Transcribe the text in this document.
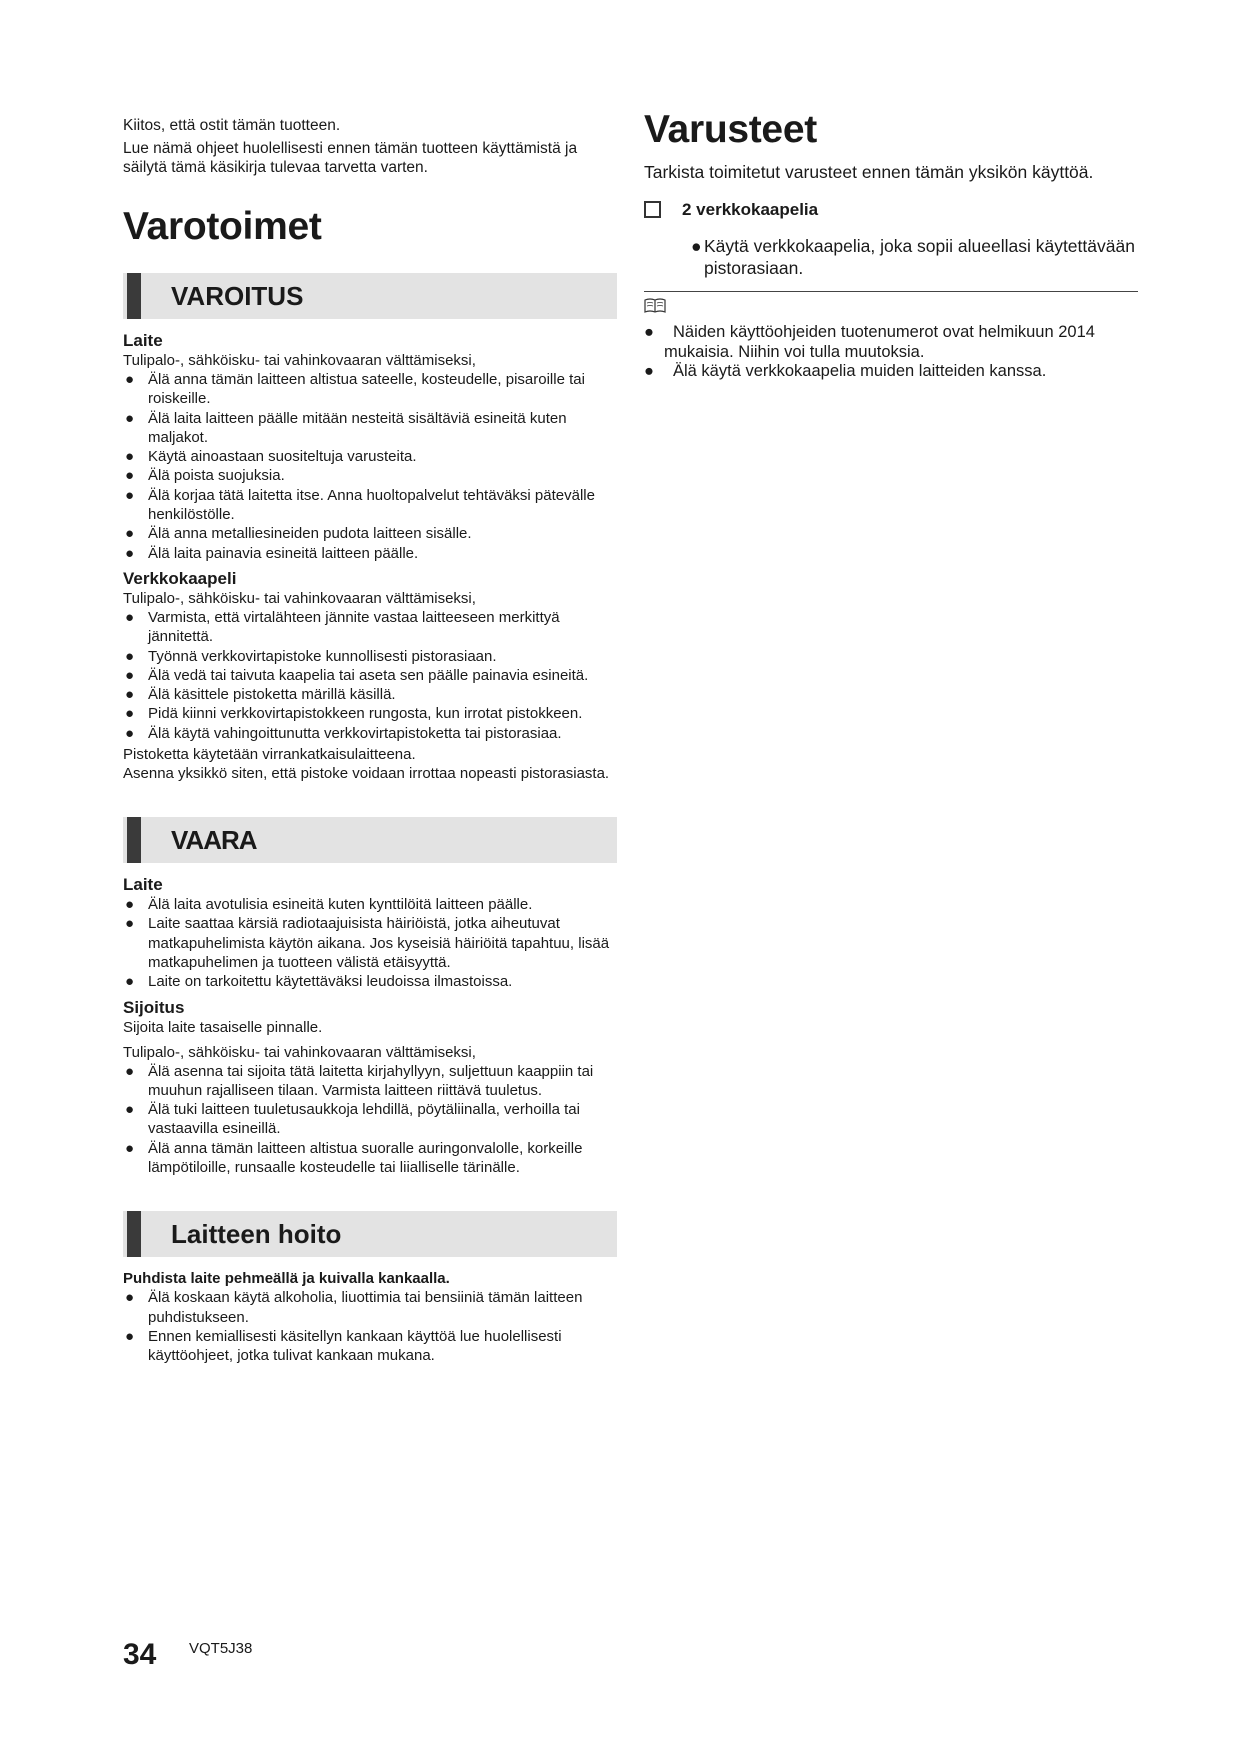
Kiitos, että ostit tämän tuotteen.

Lue nämä ohjeet huolellisesti ennen tämän tuotteen käyttämistä ja säilytä tämä käsikirja tulevaa tarvetta varten.

Varotoimet
VAROITUS
Laite
Tulipalo-, sähköisku- tai vahinkovaaran välttämiseksi,
● Älä anna tämän laitteen altistua sateelle, kosteudelle, pisaroille tai roiskeille.
● Älä laita laitteen päälle mitään nesteitä sisältäviä esineitä kuten maljakot.
● Käytä ainoastaan suositeltuja varusteita.
● Älä poista suojuksia.
● Älä korjaa tätä laitetta itse. Anna huoltopalvelut tehtäväksi pätevälle henkilöstölle.
● Älä anna metalliesineiden pudota laitteen sisälle.
● Älä laita painavia esineitä laitteen päälle.
Verkkokaapeli
Tulipalo-, sähköisku- tai vahinkovaaran välttämiseksi,
● Varmista, että virtalähteen jännite vastaa laitteeseen merkittyä jännitettä.
● Työnnä verkkovirtapistoke kunnollisesti pistorasiaan.
● Älä vedä tai taivuta kaapelia tai aseta sen päälle painavia esineitä.
● Älä käsittele pistoketta märillä käsillä.
● Pidä kiinni verkkovirtapistokkeen rungosta, kun irrotat pistokkeen.
● Älä käytä vahingoittunutta verkkovirtapistoketta tai pistorasiaa.
Pistoketta käytetään virrankatkaisulaitteena.
Asenna yksikkö siten, että pistoke voidaan irrottaa nopeasti pistorasiasta.
VAARA
Laite
● Älä laita avotulisia esineitä kuten kynttilöitä laitteen päälle.
● Laite saattaa kärsiä radiotaajuisista häiriöistä, jotka aiheutuvat matkapuhelimista käytön aikana. Jos kyseisiä häiriöitä tapahtuu, lisää matkapuhelimen ja tuotteen välistä etäisyyttä.
● Laite on tarkoitettu käytettäväksi leudoissa ilmastoissa.
Sijoitus
Sijoita laite tasaiselle pinnalle.
Tulipalo-, sähköisku- tai vahinkovaaran välttämiseksi,
● Älä asenna tai sijoita tätä laitetta kirjahyllyyn, suljettuun kaappiin tai muuhun rajalliseen tilaan. Varmista laitteen riittävä tuuletus.
● Älä tuki laitteen tuuletusaukkoja lehdillä, pöytäliinalla, verhoilla tai vastaavilla esineillä.
● Älä anna tämän laitteen altistua suoralle auringonvalolle, korkeille lämpötiloille, runsaalle kosteudelle tai liialliselle tärinälle.
Laitteen hoito
Puhdista laite pehmeällä ja kuivalla kankaalla.
● Älä koskaan käytä alkoholia, liuottimia tai bensiiniä tämän laitteen puhdistukseen.
● Ennen kemiallisesti käsitellyn kankaan käyttöä lue huolellisesti käyttöohjeet, jotka tulivat kankaan mukana.
Varusteet

Tarkista toimitetut varusteet ennen tämän yksikön käyttöä.

2 verkkokaapelia
● Käytä verkkokaapelia, joka sopii alueellasi käytettävään pistorasiaan.
● Näiden käyttöohjeiden tuotenumerot ovat helmikuun 2014 mukaisia. Niihin voi tulla muutoksia.
● Älä käytä verkkokaapelia muiden laitteiden kanssa.
34 VQT5J38
